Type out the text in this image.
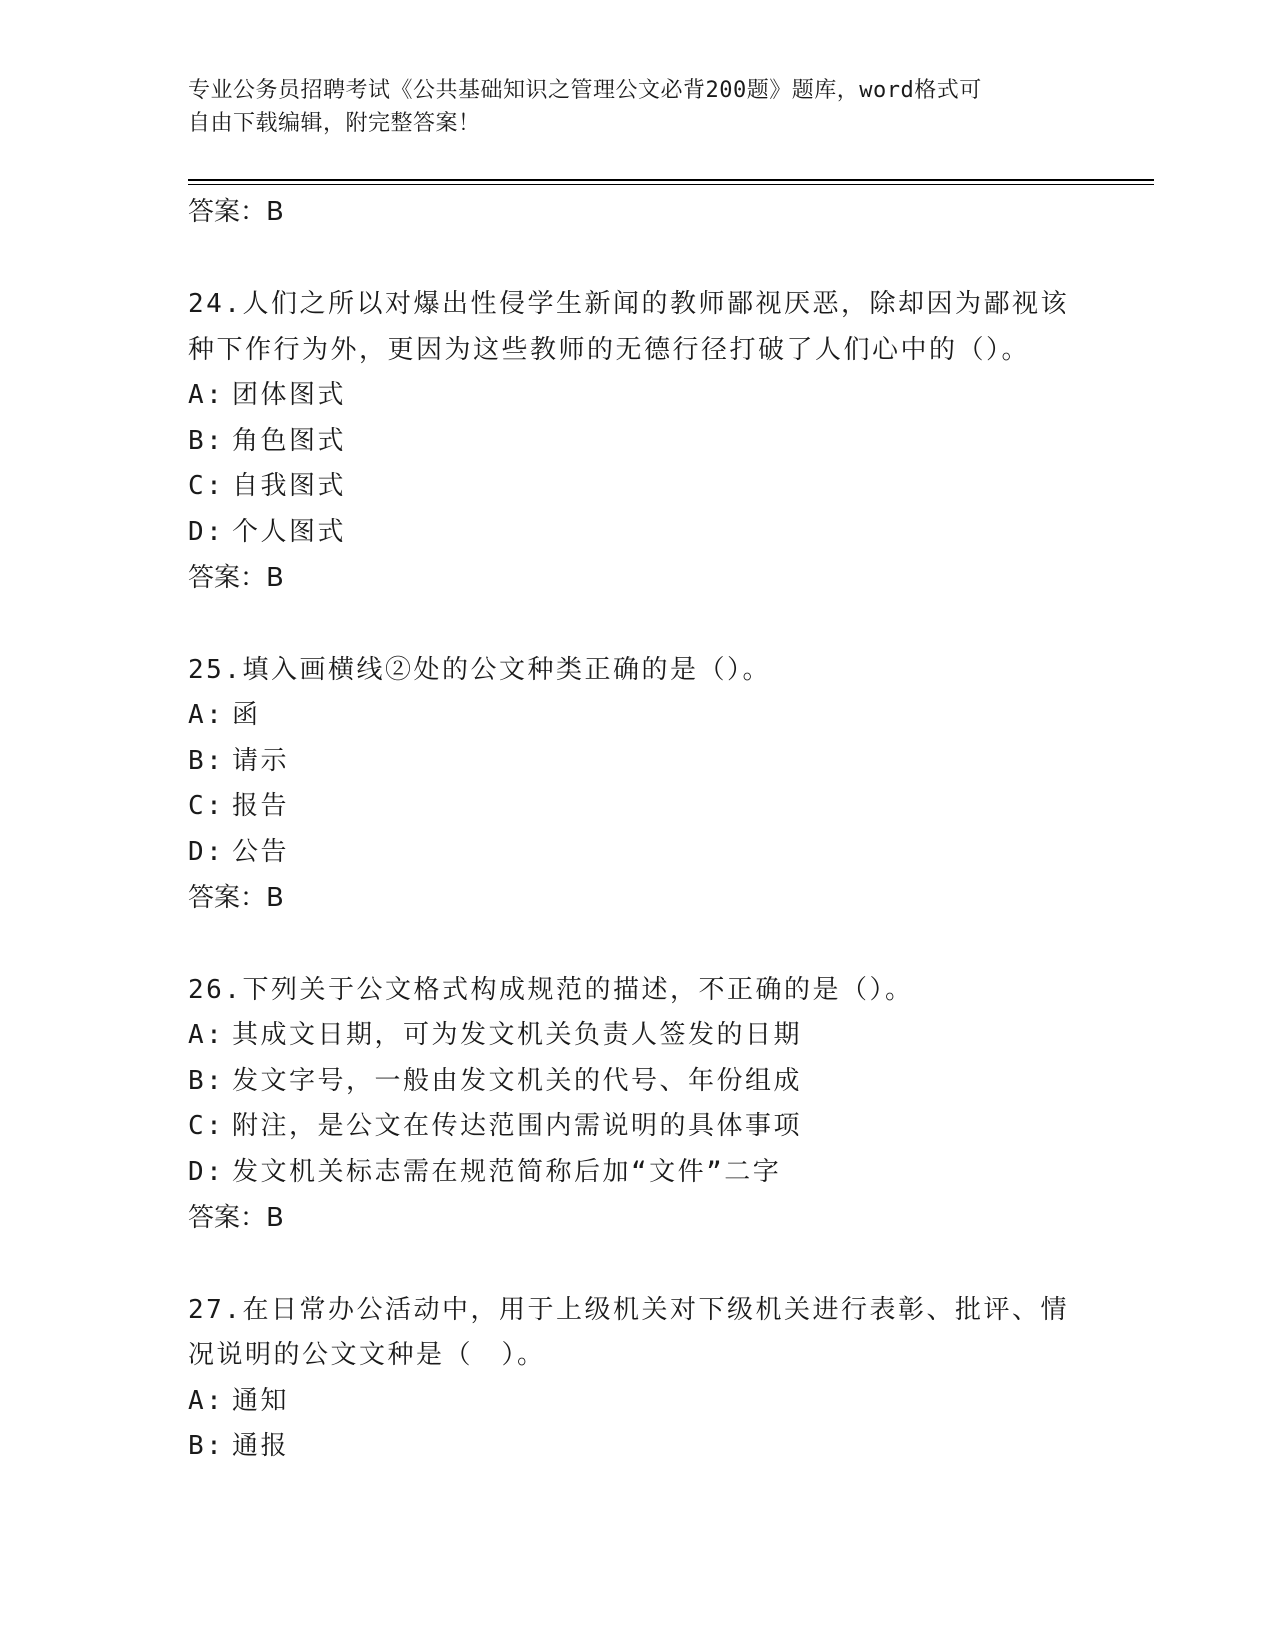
专业公务员招聘考试《公共基础知识之管理公文必背200题》题库，word格式可
自由下载编辑，附完整答案！
答案：B
24.人们之所以对爆出性侵学生新闻的教师鄙视厌恶，除却因为鄙视该种下作行为外，更因为这些教师的无德行径打破了人们心中的（）。
A: 团体图式
B: 角色图式
C: 自我图式
D: 个人图式
答案：B
25.填入画横线②处的公文种类正确的是（）。
A: 函
B: 请示
C: 报告
D: 公告
答案：B
26.下列关于公文格式构成规范的描述，不正确的是（）。
A: 其成文日期，可为发文机关负责人签发的日期
B: 发文字号，一般由发文机关的代号、年份组成
C: 附注，是公文在传达范围内需说明的具体事项
D: 发文机关标志需在规范简称后加“文件”二字
答案：B
27.在日常办公活动中，用于上级机关对下级机关进行表彰、批评、情况说明的公文文种是（　）。
A: 通知
B: 通报
